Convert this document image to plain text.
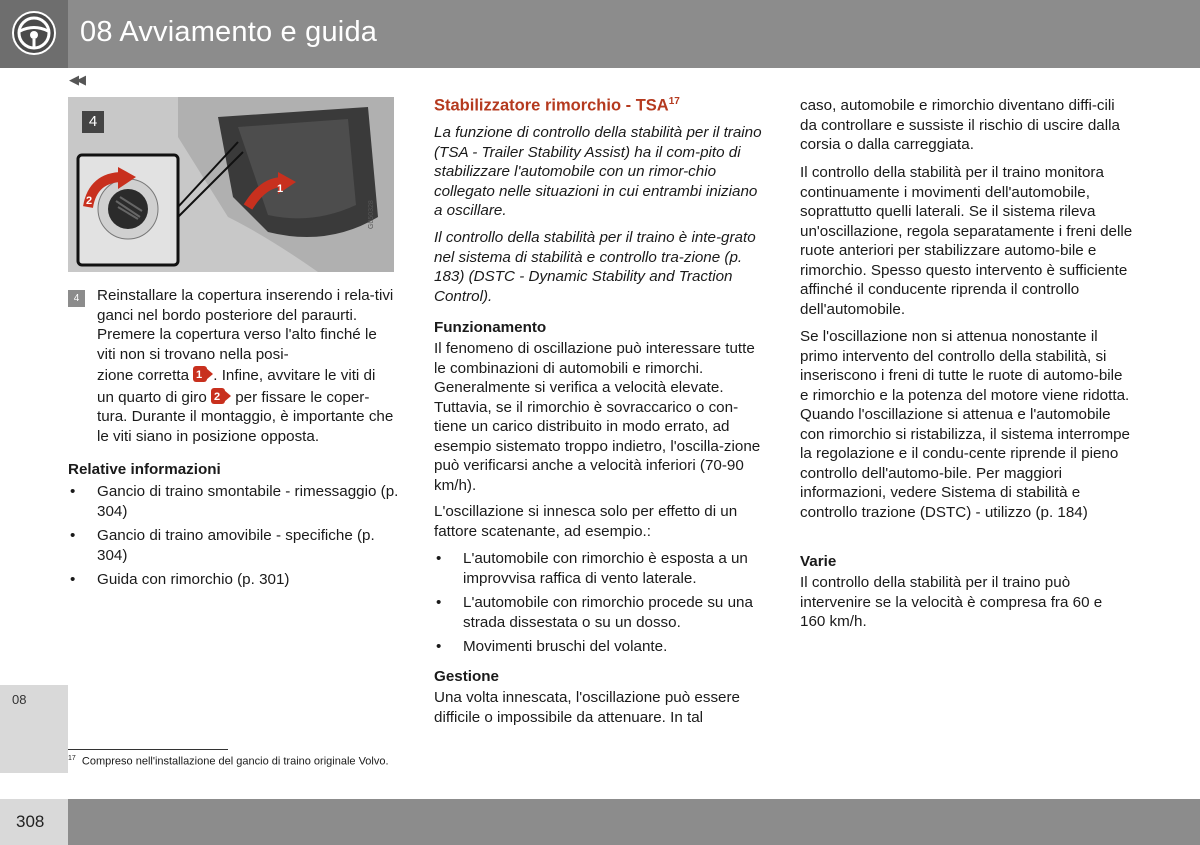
08 Avviamento e guida
08
◀◀
4
1
2	G050328
4	Reinstallare la copertura inserendo i rela-tivi ganci nel bordo posteriore del paraurti. Premere la copertura verso l'alto finché le viti non si trovano nella posi-

zione corretta 1 . Infine, avvitare le viti di

un quarto di giro 2 per fissare le coper-

tura. Durante il montaggio, è importante che le viti siano in posizione opposta.

Relative informazioni
• Gancio di traino smontabile - rimessaggio (p. 304)
• Gancio di traino amovibile - specifiche (p. 304)
• Guida con rimorchio (p. 301)
Stabilizzatore rimorchio - TSA$^{17}$
La funzione di controllo della stabilità per il traino (TSA - Trailer Stability Assist) ha il com-pito di stabilizzare l'automobile con un rimor-chio collegato nelle situazioni in cui entrambi iniziano a oscillare.
Il controllo della stabilità per il traino è inte-grato nel sistema di stabilità e controllo tra-zione (p. 183) (DSTC - Dynamic Stability and Traction Control).
Funzionamento
Il fenomeno di oscillazione può interessare tutte le combinazioni di automobili e rimorchi. Generalmente si verifica a velocità elevate. Tuttavia, se il rimorchio è sovraccarico o con-tiene un carico distribuito in modo errato, ad esempio sistemato troppo indietro, l'oscilla-zione può verificarsi anche a velocità inferiori (70-90 km/h).
L'oscillazione si innesca solo per effetto di un fattore scatenante, ad esempio.:
• L'automobile con rimorchio è esposta a un improvvisa raffica di vento laterale.
• L'automobile con rimorchio procede su una strada dissestata o su un dosso.
• Movimenti bruschi del volante.
Gestione
Una volta innescata, l'oscillazione può essere difficile o impossibile da attenuare. In tal
caso, automobile e rimorchio diventano diffi-cili da controllare e sussiste il rischio di uscire dalla corsia o dalla carreggiata.
Il controllo della stabilità per il traino monitora continuamente i movimenti dell'automobile, soprattutto quelli laterali. Se il sistema rileva un'oscillazione, regola separatamente i freni delle ruote anteriori per stabilizzare automo-bile e rimorchio. Spesso questo intervento è sufficiente affinché il conducente riprenda il controllo dell'automobile.
Se l'oscillazione non si attenua nonostante il primo intervento del controllo della stabilità, si inseriscono i freni di tutte le ruote di automo-bile e rimorchio e la potenza del motore viene ridotta. Quando l'oscillazione si attenua e l'automobile con rimorchio si ristabilizza, il sistema interrompe la regolazione e il condu-cente riprende il pieno controllo dell'automo-bile. Per maggiori informazioni, vedere Sistema di stabilità e controllo trazione (DSTC) - utilizzo (p. 184)
Varie
Il controllo della stabilità per il traino può intervenire se la velocità è compresa fra 60 e 160 km/h.
$^{17}$ Compreso nell'installazione del gancio di traino originale Volvo.
308
